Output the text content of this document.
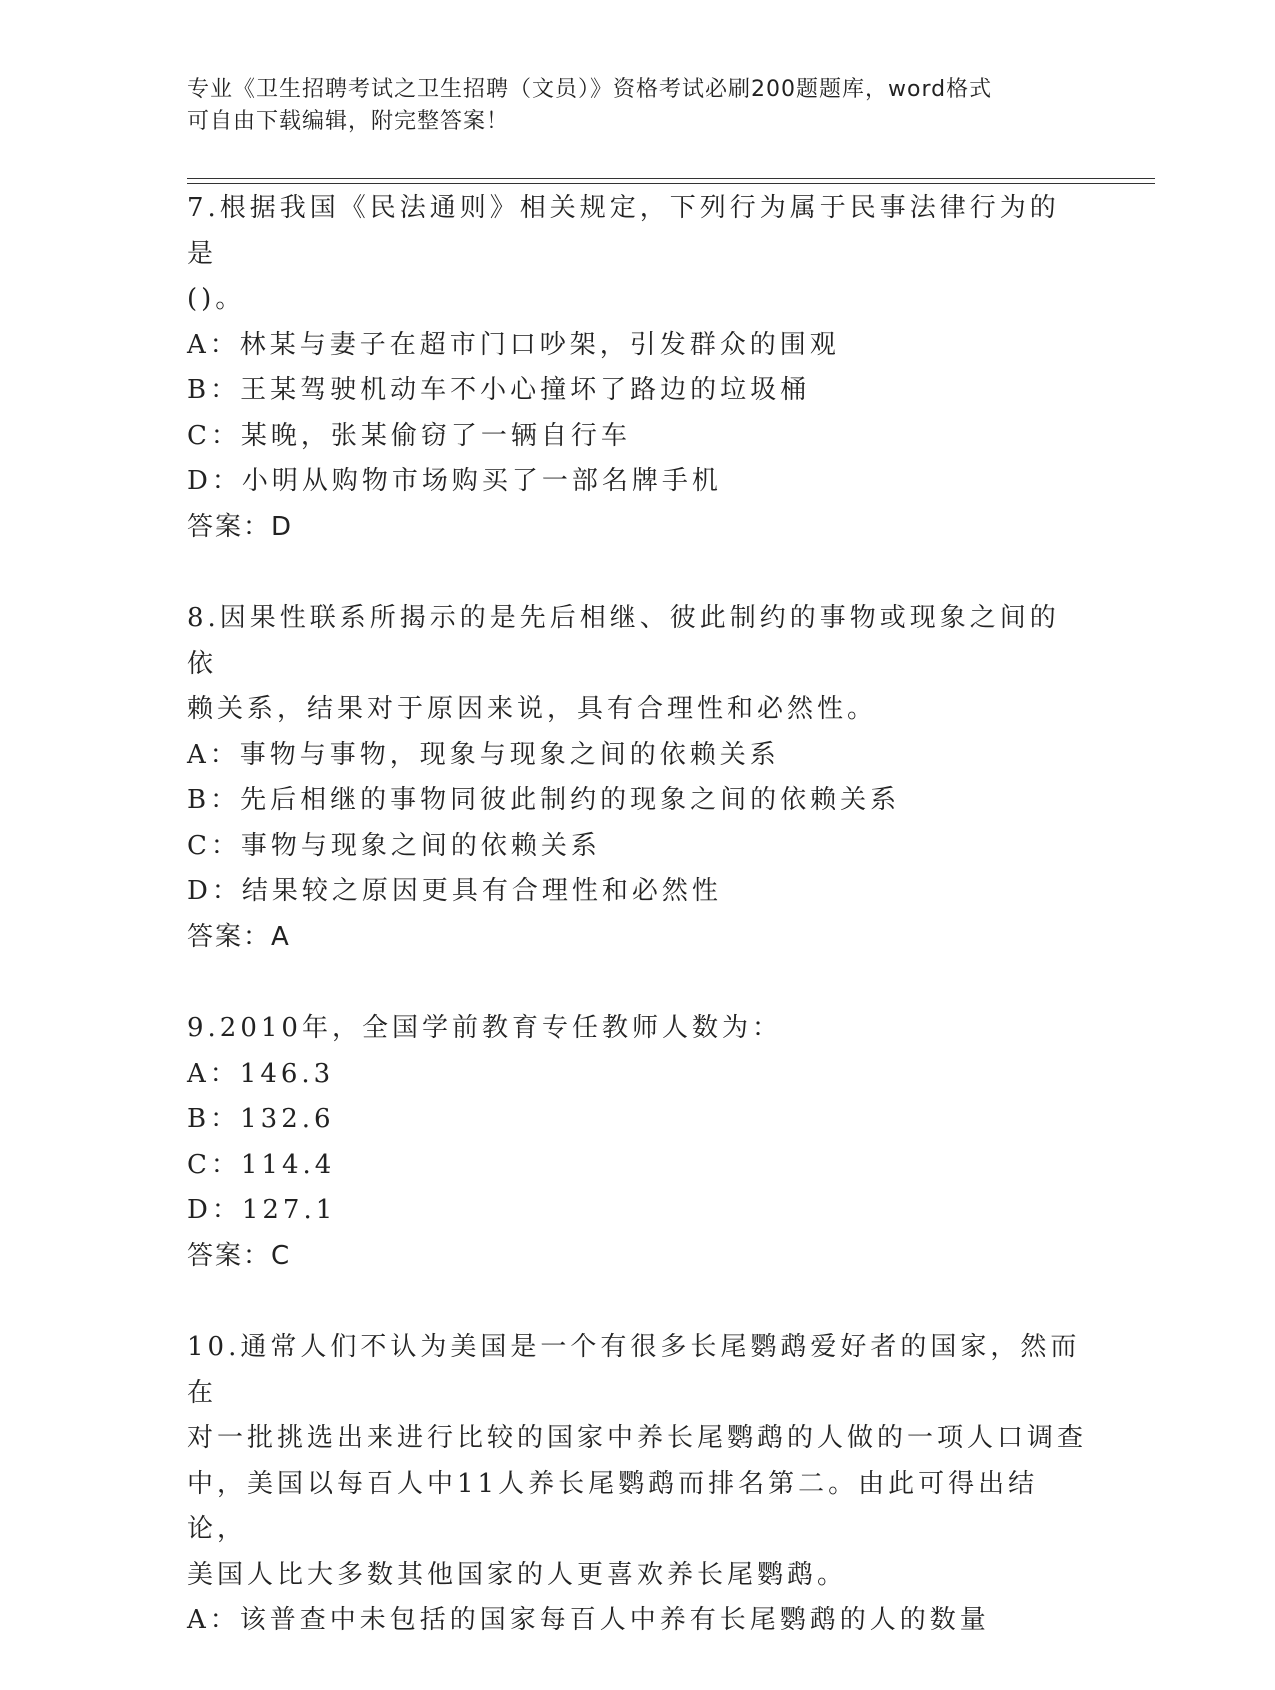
专业《卫生招聘考试之卫生招聘（文员）》资格考试必刷200题题库，word格式
可自由下载编辑，附完整答案！
7.根据我国《民法通则》相关规定，下列行为属于民事法律行为的是
()。
A：林某与妻子在超市门口吵架，引发群众的围观
B：王某驾驶机动车不小心撞坏了路边的垃圾桶
C：某晚，张某偷窃了一辆自行车
D：小明从购物市场购买了一部名牌手机
答案：D
8.因果性联系所揭示的是先后相继、彼此制约的事物或现象之间的依
赖关系，结果对于原因来说，具有合理性和必然性。
A：事物与事物，现象与现象之间的依赖关系
B：先后相继的事物同彼此制约的现象之间的依赖关系
C：事物与现象之间的依赖关系
D：结果较之原因更具有合理性和必然性
答案：A
9.2010年，全国学前教育专任教师人数为：
A：146.3
B：132.6
C：114.4
D：127.1
答案：C
10.通常人们不认为美国是一个有很多长尾鹦鹉爱好者的国家，然而在
对一批挑选出来进行比较的国家中养长尾鹦鹉的人做的一项人口调查
中，美国以每百人中11人养长尾鹦鹉而排名第二。由此可得出结论，
美国人比大多数其他国家的人更喜欢养长尾鹦鹉。
A：该普查中未包括的国家每百人中养有长尾鹦鹉的人的数量
